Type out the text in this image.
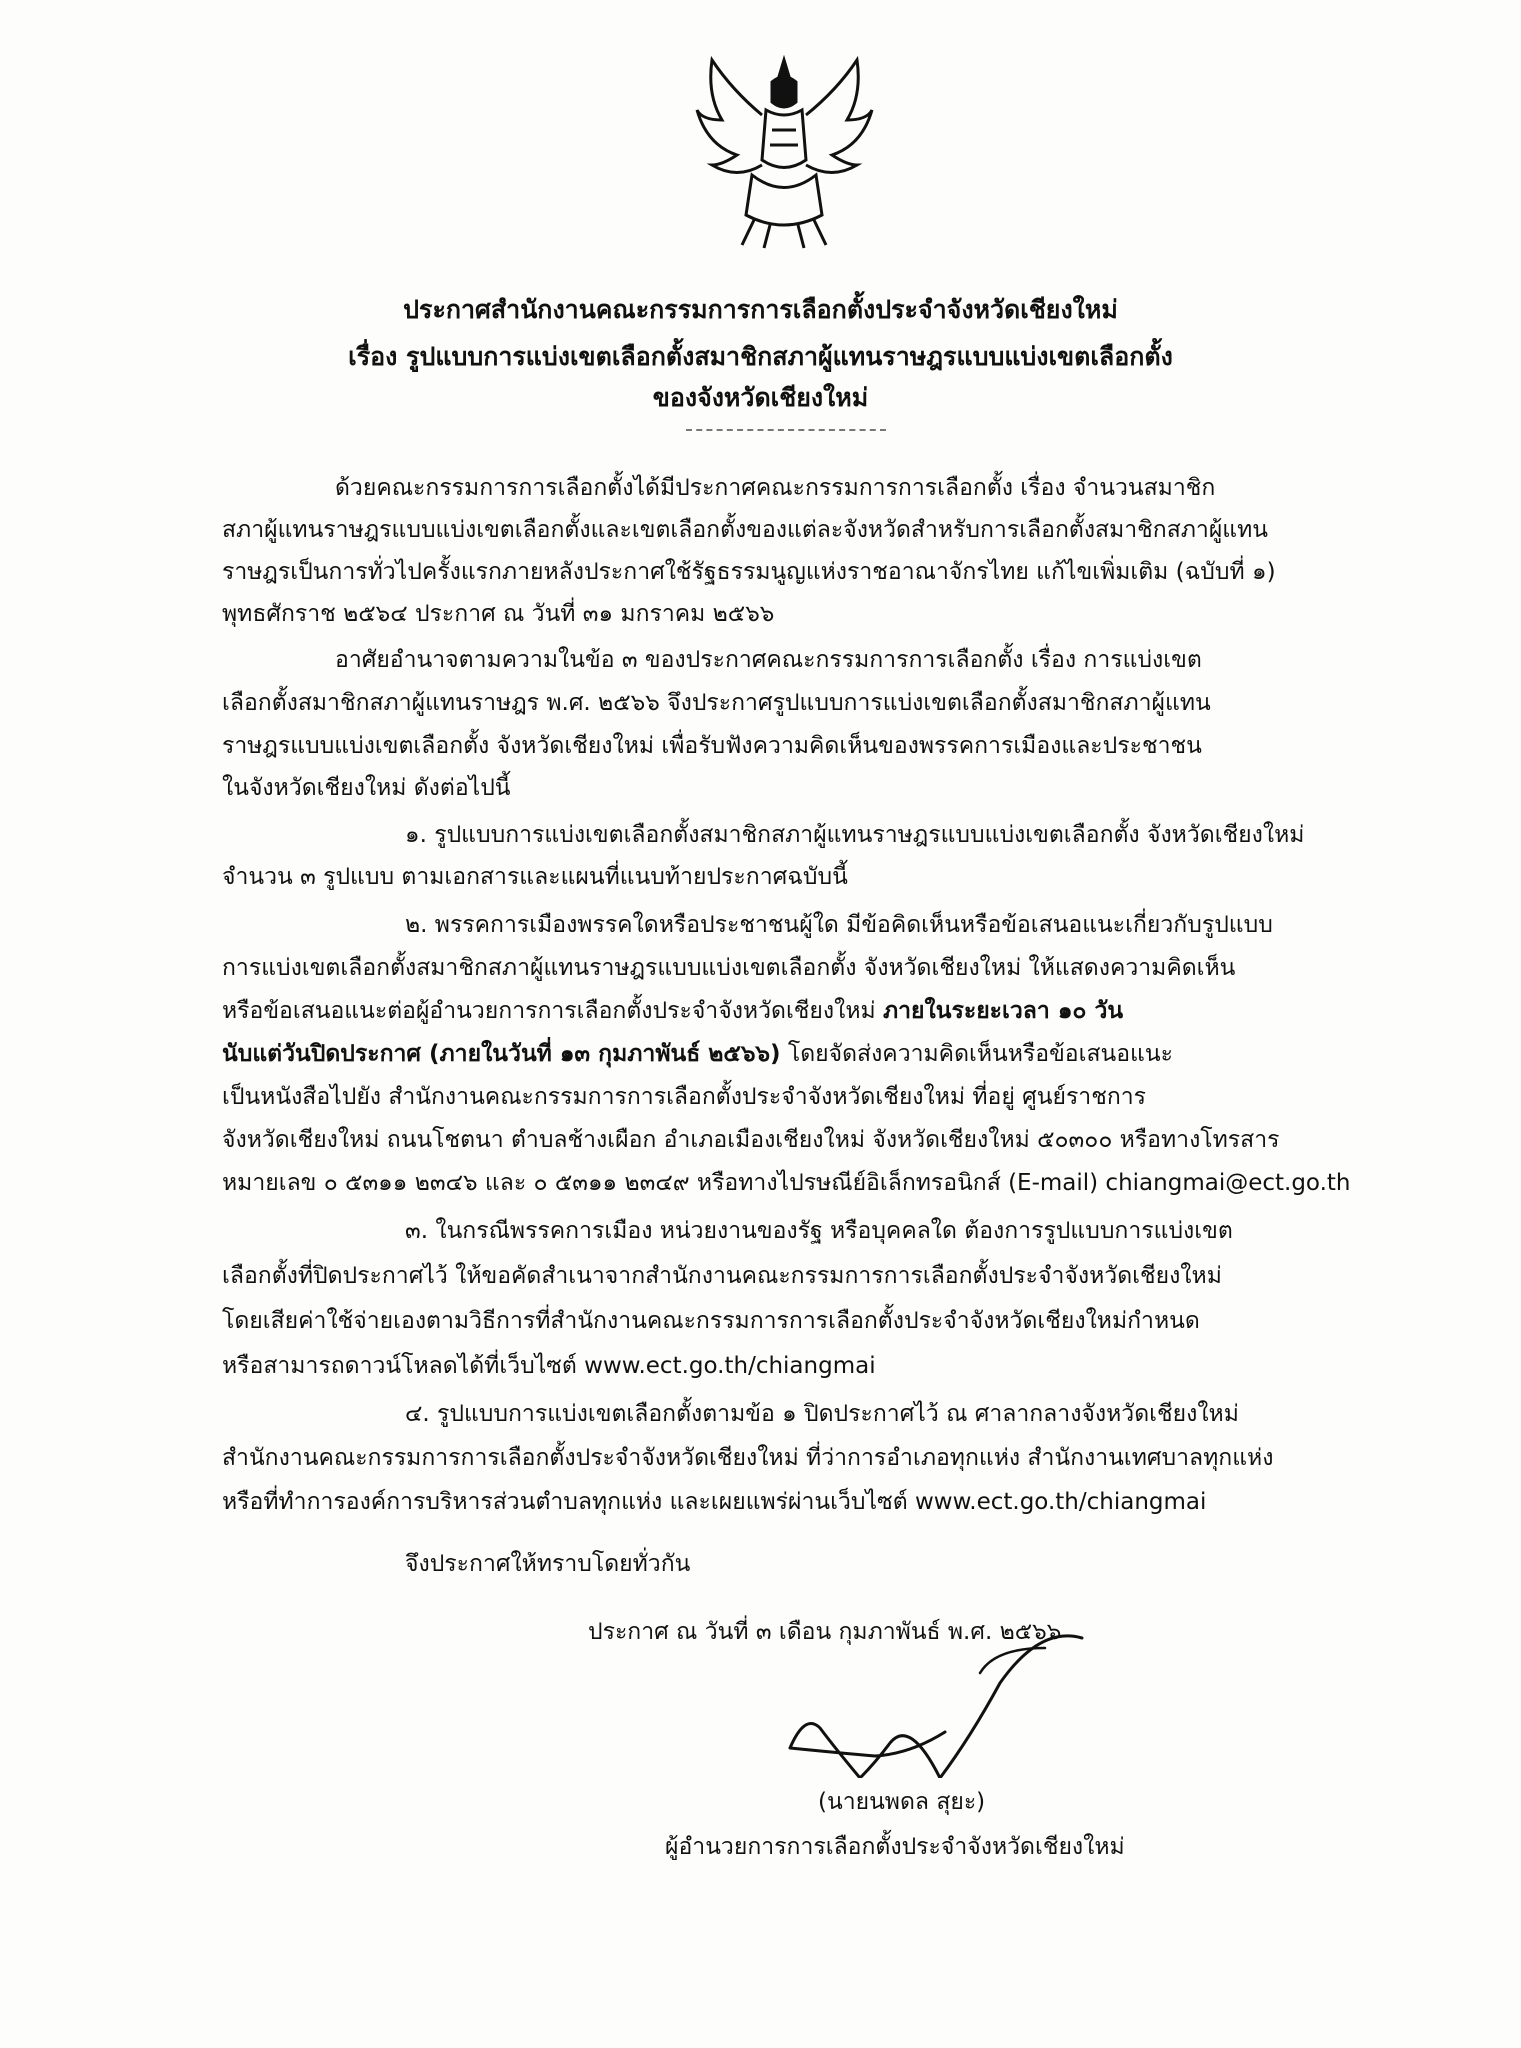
ประกาศสำนักงานคณะกรรมการการเลือกตั้งประจำจังหวัดเชียงใหม่
เรื่อง รูปแบบการแบ่งเขตเลือกตั้งสมาชิกสภาผู้แทนราษฎรแบบแบ่งเขตเลือกตั้ง
ของจังหวัดเชียงใหม่
ด้วยคณะกรรมการการเลือกตั้งได้มีประกาศคณะกรรมการการเลือกตั้ง เรื่อง จำนวนสมาชิก
สภาผู้แทนราษฎรแบบแบ่งเขตเลือกตั้งและเขตเลือกตั้งของแต่ละจังหวัดสำหรับการเลือกตั้งสมาชิกสภาผู้แทน
ราษฎรเป็นการทั่วไปครั้งแรกภายหลังประกาศใช้รัฐธรรมนูญแห่งราชอาณาจักรไทย แก้ไขเพิ่มเติม (ฉบับที่ ๑)
พุทธศักราช ๒๕๖๔ ประกาศ ณ วันที่ ๓๑ มกราคม ๒๕๖๖
อาศัยอำนาจตามความในข้อ ๓ ของประกาศคณะกรรมการการเลือกตั้ง เรื่อง การแบ่งเขต
เลือกตั้งสมาชิกสภาผู้แทนราษฎร พ.ศ. ๒๕๖๖ จึงประกาศรูปแบบการแบ่งเขตเลือกตั้งสมาชิกสภาผู้แทน
ราษฎรแบบแบ่งเขตเลือกตั้ง จังหวัดเชียงใหม่ เพื่อรับฟังความคิดเห็นของพรรคการเมืองและประชาชน
ในจังหวัดเชียงใหม่ ดังต่อไปนี้
๑. รูปแบบการแบ่งเขตเลือกตั้งสมาชิกสภาผู้แทนราษฎรแบบแบ่งเขตเลือกตั้ง จังหวัดเชียงใหม่
จำนวน ๓ รูปแบบ ตามเอกสารและแผนที่แนบท้ายประกาศฉบับนี้
๒. พรรคการเมืองพรรคใดหรือประชาชนผู้ใด มีข้อคิดเห็นหรือข้อเสนอแนะเกี่ยวกับรูปแบบ
การแบ่งเขตเลือกตั้งสมาชิกสภาผู้แทนราษฎรแบบแบ่งเขตเลือกตั้ง จังหวัดเชียงใหม่ ให้แสดงความคิดเห็น
หรือข้อเสนอแนะต่อผู้อำนวยการการเลือกตั้งประจำจังหวัดเชียงใหม่ ภายในระยะเวลา ๑๐ วัน
นับแต่วันปิดประกาศ (ภายในวันที่ ๑๓ กุมภาพันธ์ ๒๕๖๖) โดยจัดส่งความคิดเห็นหรือข้อเสนอแนะ
เป็นหนังสือไปยัง สำนักงานคณะกรรมการการเลือกตั้งประจำจังหวัดเชียงใหม่ ที่อยู่ ศูนย์ราชการ
จังหวัดเชียงใหม่ ถนนโชตนา ตำบลช้างเผือก อำเภอเมืองเชียงใหม่ จังหวัดเชียงใหม่ ๕๐๓๐๐ หรือทางโทรสาร
หมายเลข ๐ ๕๓๑๑ ๒๓๔๖ และ ๐ ๕๓๑๑ ๒๓๔๙ หรือทางไปรษณีย์อิเล็กทรอนิกส์ (E-mail) chiangmai@ect.go.th
๓. ในกรณีพรรคการเมือง หน่วยงานของรัฐ หรือบุคคลใด ต้องการรูปแบบการแบ่งเขต
เลือกตั้งที่ปิดประกาศไว้ ให้ขอคัดสำเนาจากสำนักงานคณะกรรมการการเลือกตั้งประจำจังหวัดเชียงใหม่
โดยเสียค่าใช้จ่ายเองตามวิธีการที่สำนักงานคณะกรรมการการเลือกตั้งประจำจังหวัดเชียงใหม่กำหนด
หรือสามารถดาวน์โหลดได้ที่เว็บไซต์ www.ect.go.th/chiangmai
๔. รูปแบบการแบ่งเขตเลือกตั้งตามข้อ ๑ ปิดประกาศไว้ ณ ศาลากลางจังหวัดเชียงใหม่
สำนักงานคณะกรรมการการเลือกตั้งประจำจังหวัดเชียงใหม่ ที่ว่าการอำเภอทุกแห่ง สำนักงานเทศบาลทุกแห่ง
หรือที่ทำการองค์การบริหารส่วนตำบลทุกแห่ง และเผยแพร่ผ่านเว็บไซต์ www.ect.go.th/chiangmai
จึงประกาศให้ทราบโดยทั่วกัน
ประกาศ ณ วันที่ ๓ เดือน กุมภาพันธ์ พ.ศ. ๒๕๖๖
(นายนพดล สุยะ)
ผู้อำนวยการการเลือกตั้งประจำจังหวัดเชียงใหม่
